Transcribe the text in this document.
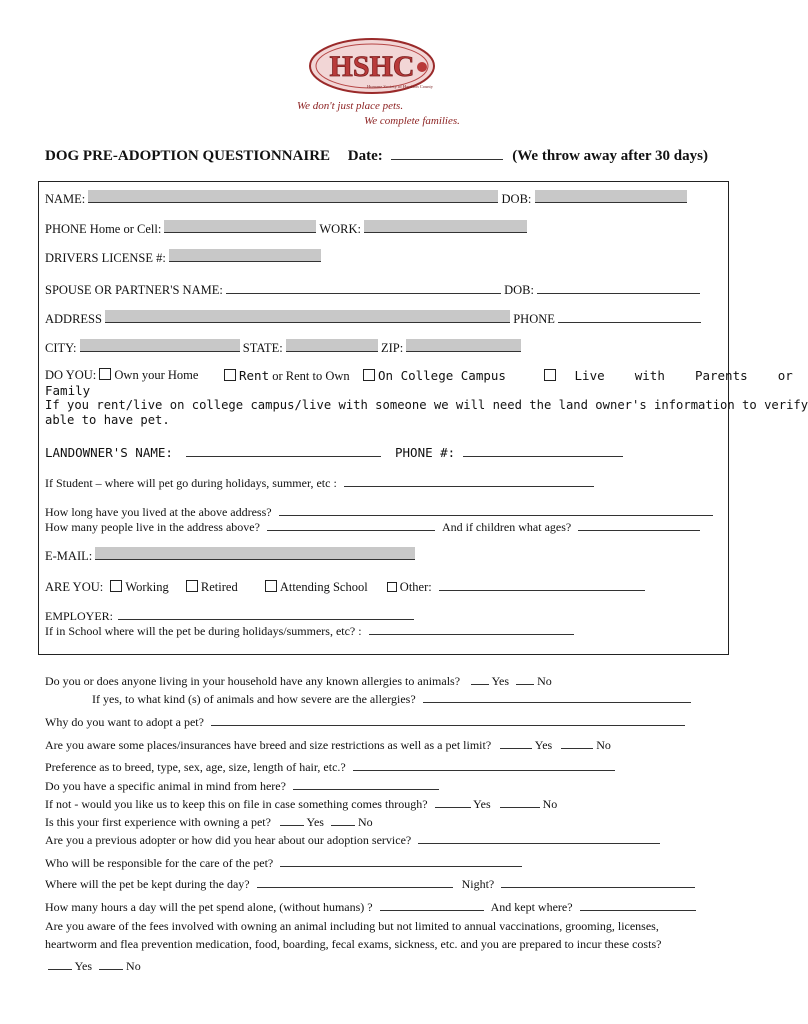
HSHC
Humane Society of Harrison County
We don't just place pets.
We complete families.
DOG PRE-ADOPTION QUESTIONNAIRE Date:	(We throw away after 30 days)
NAME:	DOB:
PHONE Home or Cell:	WORK:
DRIVERS LICENSE #:
SPOUSE OR PARTNER'S NAME:	DOB:
ADDRESS	PHONE
CITY:	STATE:	ZIP:
DO YOU: Own your Home	Rent or Rent to Own	On College Campus	Live    with    Parents    or
Family
If you rent/live on college campus/live with someone we will need the land owner's information to verify
able to have pet.
LANDOWNER'S NAME:	PHONE #:
If Student – where will pet go during holidays, summer, etc :
How long have you lived at the above address?
How many people live in the address above?	And if children what ages?
E-MAIL:
ARE YOU: Working	Retired	Attending School	Other:
EMPLOYER:
If in School where will the pet be during holidays/summers, etc? :
Do you or does anyone living in your household have any known allergies to animals?	Yes No
If yes, to what kind (s) of animals and how severe are the allergies?
Why do you want to adopt a pet?
Are you aware some places/insurances have breed and size restrictions as well as a pet limit?	Yes	No
Preference as to breed, type, sex, age, size, length of hair, etc.?
Do you have a specific animal in mind from here?
If not - would you like us to keep this on file in case something comes through?	Yes	No
Is this your first experience with owning a pet?	Yes	No
Are you a previous adopter or how did you hear about our adoption service?
Who will be responsible for the care of the pet?
Where will the pet be kept during the day?	Night?
How many hours a day will the pet spend alone, (without humans) ?	And kept where?
Are you aware of the fees involved with owning an animal including but not limited to annual vaccinations, grooming, licenses,
heartworm and flea prevention medication, food, boarding, fecal exams, sickness, etc. and you are prepared to incur these costs?
Yes	No
